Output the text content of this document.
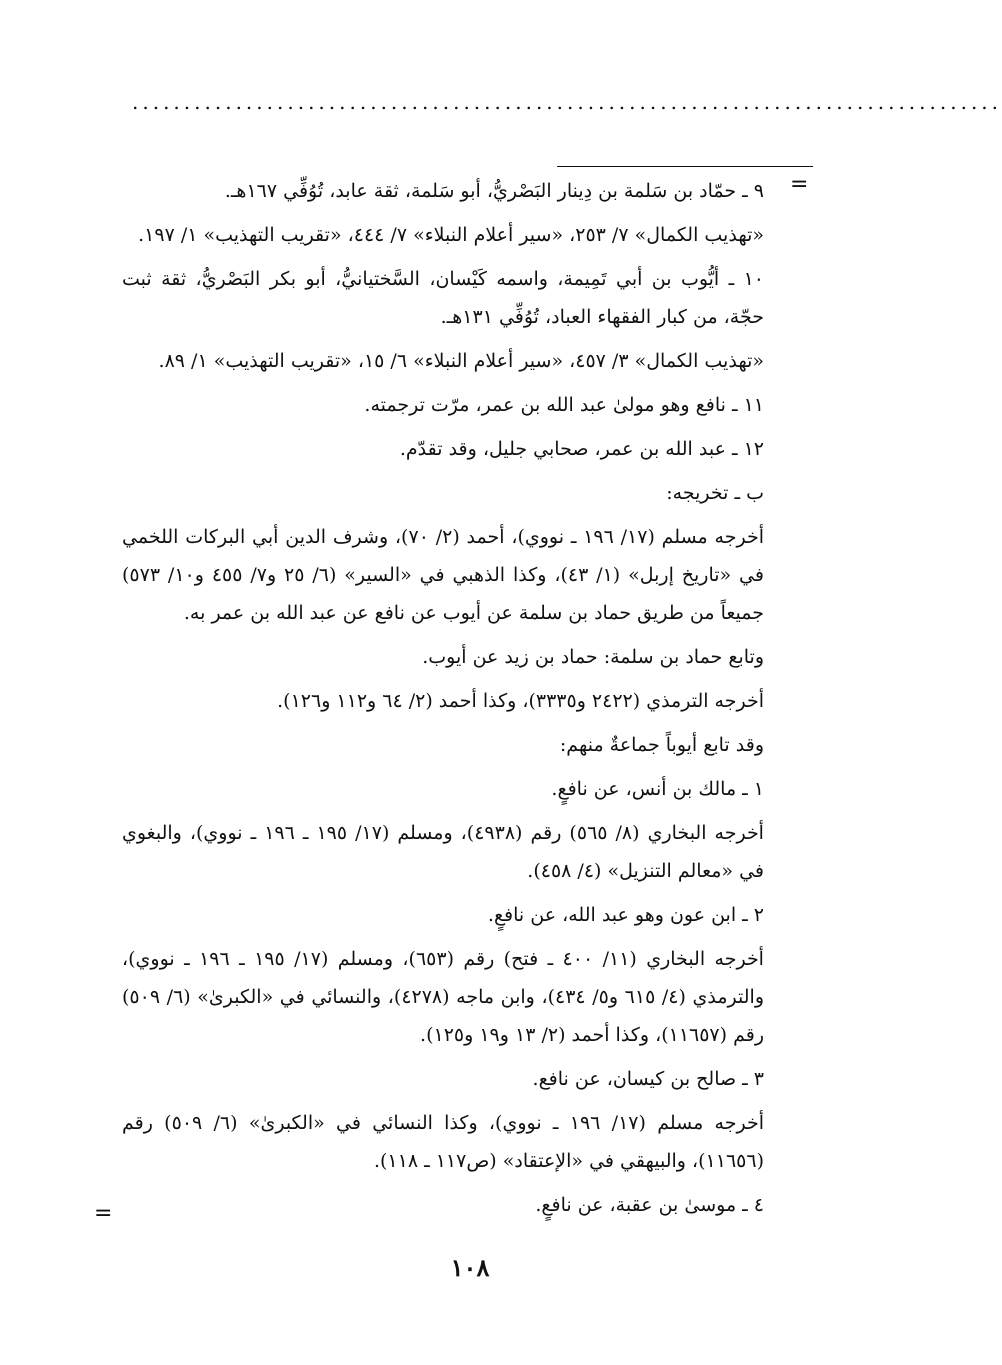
....................................................................................
=
=

٩ ـ حمّاد بن سَلمة بن دِينار البَصْريُّ، أبو سَلمة، ثقة عابد، تُوُفِّي ١٦٧هـ.

«تهذيب الكمال» ٧/ ٢٥٣، «سير أعلام النبلاء» ٧/ ٤٤٤، «تقريب التهذيب» ١/ ١٩٧.

١٠ ـ أيُّوب بن أبي تَمِيمة، واسمه كَيْسان، السَّختيانيُّ، أبو بكر البَصْريُّ، ثقة ثبت حجّة، من كبار الفقهاء العباد، تُوُفِّي ١٣١هـ.

«تهذيب الكمال» ٣/ ٤٥٧، «سير أعلام النبلاء» ٦/ ١٥، «تقريب التهذيب» ١/ ٨٩.

١١ ـ نافع وهو مولىٰ عبد الله بن عمر، مرّت ترجمته.

١٢ ـ عبد الله بن عمر، صحابي جليل، وقد تقدّم.

ب ـ تخريجه:

أخرجه مسلم (١٧/ ١٩٦ ـ نووي)، أحمد (٢/ ٧٠)، وشرف الدين أبي البركات اللخمي في «تاريخ إربل» (١/ ٤٣)، وكذا الذهبي في «السير» (٦/ ٢٥ و٧/ ٤٥٥ و١٠/ ٥٧٣) جميعاً من طريق حماد بن سلمة عن أيوب عن نافع عن عبد الله بن عمر به.

وتابع حماد بن سلمة: حماد بن زيد عن أيوب.

أخرجه الترمذي (٢٤٢٢ و٣٣٣٥)، وكذا أحمد (٢/ ٦٤ و١١٢ و١٢٦).

وقد تابع أيوباً جماعةٌ منهم:

١ ـ مالك بن أنس، عن نافعٍ.

أخرجه البخاري (٨/ ٥٦٥) رقم (٤٩٣٨)، ومسلم (١٧/ ١٩٥ ـ ١٩٦ ـ نووي)، والبغوي في «معالم التنزيل» (٤/ ٤٥٨).

٢ ـ ابن عون وهو عبد الله، عن نافعٍ.

أخرجه البخاري (١١/ ٤٠٠ ـ فتح) رقم (٦٥٣)، ومسلم (١٧/ ١٩٥ ـ ١٩٦ ـ نووي)، والترمذي (٤/ ٦١٥ و٥/ ٤٣٤)، وابن ماجه (٤٢٧٨)، والنسائي في «الكبرىٰ» (٦/ ٥٠٩) رقم (١١٦٥٧)، وكذا أحمد (٢/ ١٣ و١٩ و١٢٥).

٣ ـ صالح بن كيسان، عن نافع.

أخرجه مسلم (١٧/ ١٩٦ ـ نووي)، وكذا النسائي في «الكبرىٰ» (٦/ ٥٠٩) رقم (١١٦٥٦)، والبيهقي في «الإعتقاد» (ص١١٧ ـ ١١٨).

٤ ـ موسىٰ بن عقبة، عن نافعٍ.

١٠٨
